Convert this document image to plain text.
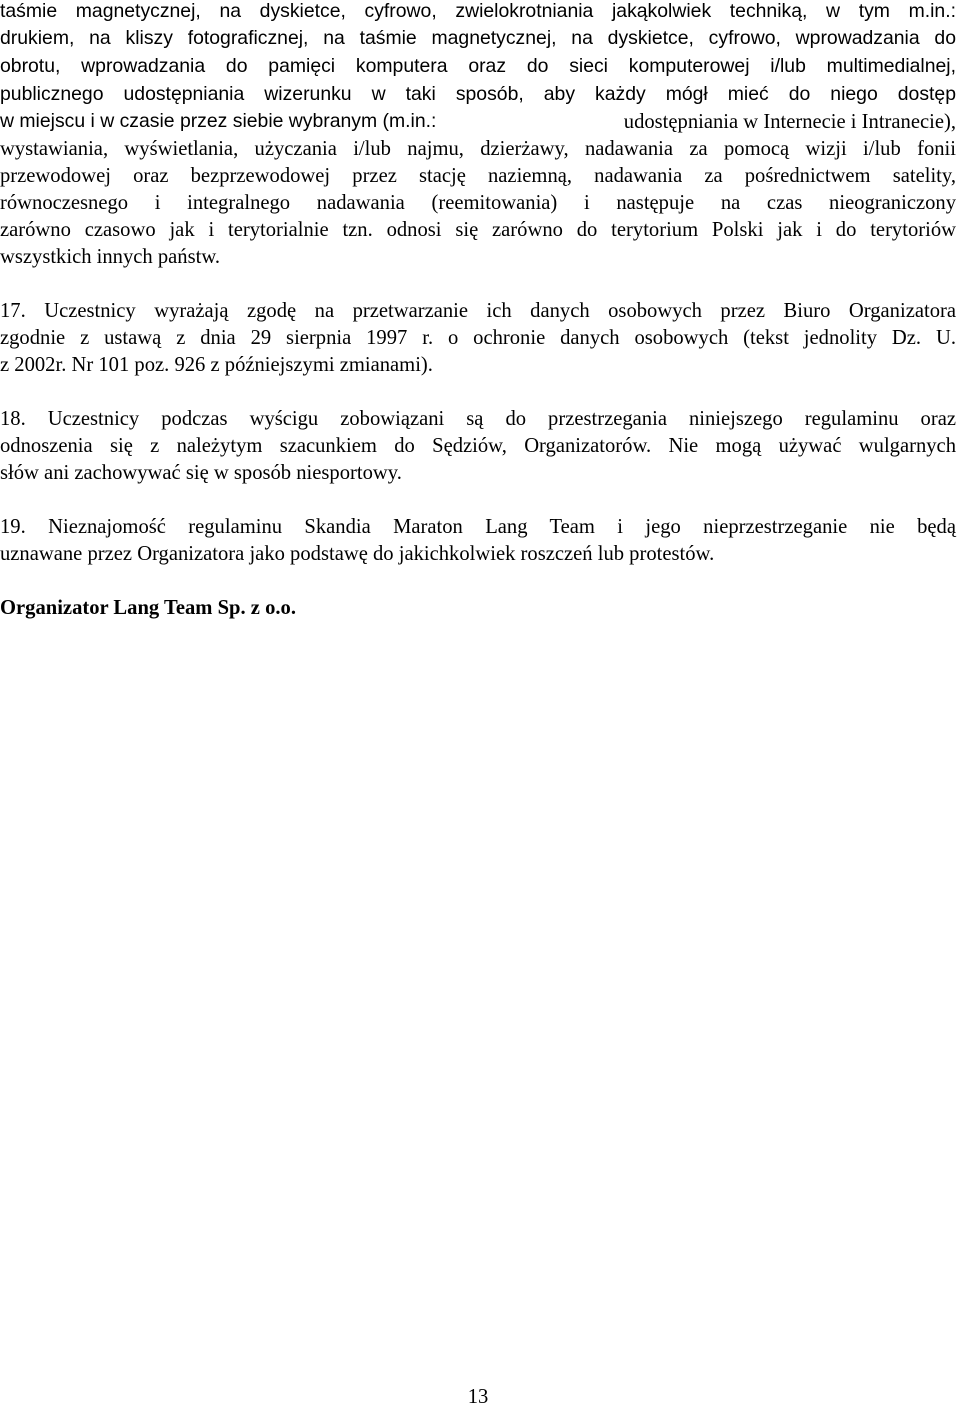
taśmie magnetycznej, na dyskietce, cyfrowo, zwielokrotniania jakąkolwiek techniką, w tym m.in.:
drukiem, na kliszy fotograficznej, na taśmie magnetycznej, na dyskietce, cyfrowo, wprowadzania do
obrotu, wprowadzania do pamięci komputera oraz do sieci komputerowej i/lub multimedialnej,
publicznego udostępniania wizerunku w taki sposób, aby każdy mógł mieć do niego dostęp
w miejscu i w czasie przez siebie wybranym (m.in.:	udostępniania w Internecie i Intranecie),
wystawiania, wyświetlania, użyczania i/lub najmu, dzierżawy, nadawania za pomocą wizji i/lub fonii
przewodowej oraz bezprzewodowej przez stację naziemną, nadawania za pośrednictwem satelity,
równoczesnego i integralnego nadawania (reemitowania) i następuje na czas nieograniczony
zarówno czasowo jak i terytorialnie tzn. odnosi się zarówno do terytorium Polski jak i do terytoriów
wszystkich innych państw.
17. Uczestnicy wyrażają zgodę na przetwarzanie ich danych osobowych przez Biuro Organizatora
zgodnie z ustawą z dnia 29 sierpnia 1997 r. o ochronie danych osobowych (tekst jednolity Dz. U.
z 2002r. Nr 101 poz. 926 z późniejszymi zmianami).
18. Uczestnicy podczas wyścigu zobowiązani są do przestrzegania niniejszego regulaminu oraz
odnoszenia się z należytym szacunkiem do Sędziów, Organizatorów. Nie mogą używać wulgarnych
słów ani zachowywać się w sposób niesportowy.
19. Nieznajomość regulaminu Skandia Maraton Lang Team i jego nieprzestrzeganie nie będą
uznawane przez Organizatora jako podstawę do jakichkolwiek roszczeń lub protestów.
Organizator Lang Team Sp. z o.o.
13
